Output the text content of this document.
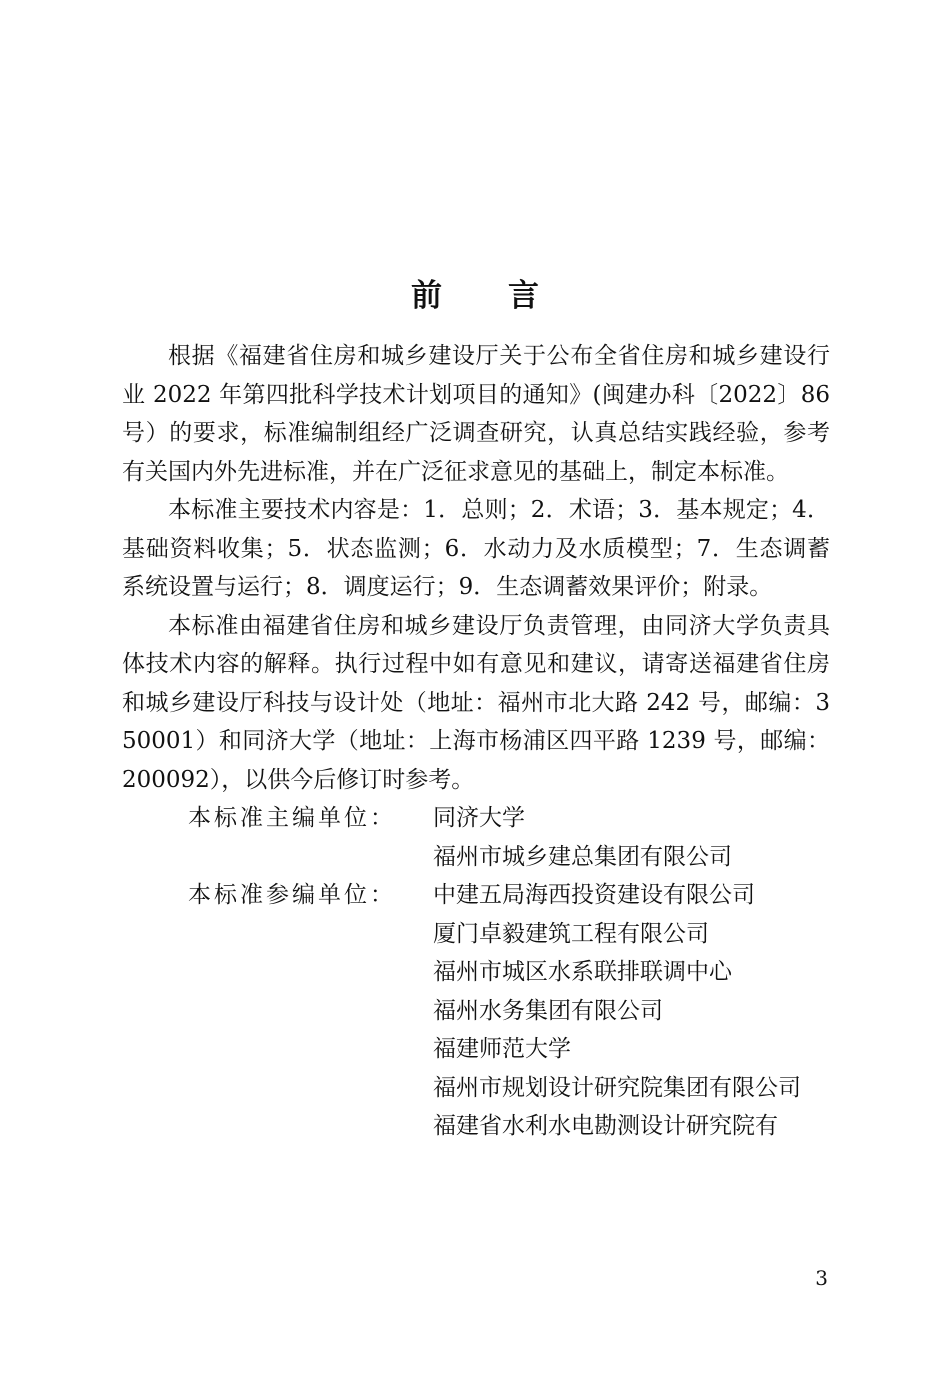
前言

根据《福建省住房和城乡建设厅关于公布全省住房和城乡建设行业 2022 年第四批科学技术计划项目的通知》(闽建办科〔2022〕86 号）的要求，标准编制组经广泛调查研究，认真总结实践经验，参考有关国内外先进标准，并在广泛征求意见的基础上，制定本标准。

本标准主要技术内容是：1．总则；2．术语；3．基本规定；4．基础资料收集；5．状态监测；6．水动力及水质模型；7．生态调蓄系统设置与运行；8．调度运行；9．生态调蓄效果评价；附录。

本标准由福建省住房和城乡建设厅负责管理，由同济大学负责具体技术内容的解释。执行过程中如有意见和建议，请寄送福建省住房和城乡建设厅科技与设计处（地址：福州市北大路 242 号，邮编：350001）和同济大学（地址：上海市杨浦区四平路 1239 号，邮编：200092），以供今后修订时参考。

本标准主编单位：	同济大学
福州市城乡建总集团有限公司
本标准参编单位：	中建五局海西投资建设有限公司
厦门卓毅建筑工程有限公司
福州市城区水系联排联调中心
福州水务集团有限公司
福建师范大学
福州市规划设计研究院集团有限公司
福建省水利水电勘测设计研究院有
3
